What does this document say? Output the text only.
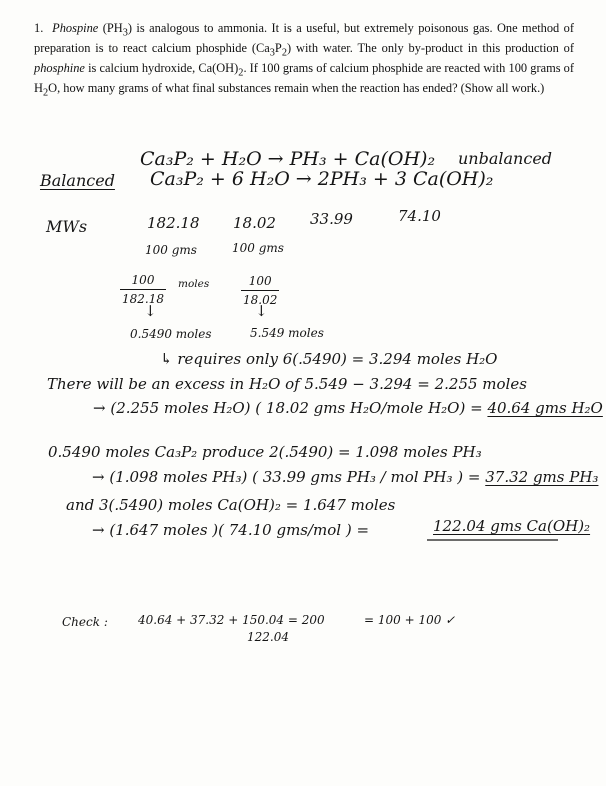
1. Phospine $(PH_3)$ is analogous to ammonia. It is a useful, but extremely poisonous gas. One method of preparation is to react calcium phosphide $(Ca_3P_2)$ with water. The only by-product in this production of phosphine is calcium hydroxide, $Ca(OH)_2$. If 100 grams of calcium phosphide are reacted with 100 grams of $H_2O$, how many grams of what final substances remain when the reaction has ended? (Show all work.)

Ca₃P₂ + H₂O → PH₃ + Ca(OH)₂ unbalanced
Balanced Ca₃P₂ + 6 H₂O → 2PH₃ + 3 Ca(OH)₂
MWs	182.18 18.02 33.99	74.10
100 gms	100 gms
$\frac{100}{182.18}$ moles	$\frac{100}{18.02}$
↓	↓
0.5490 moles	5.549 moles
↳ requires only 6(.5490) = 3.294 moles H₂O
There will be an excess in H₂O of 5.549 − 3.294 = 2.255 moles
→ (2.255 moles H₂O) ( 18.02 gms H₂O/mole H₂O) = 40.64 gms H₂O
0.5490 moles Ca₃P₂ produce 2(.5490) = 1.098 moles PH₃
→ (1.098 moles PH₃) ( 33.99 gms PH₃ / mol PH₃ ) = 37.32 gms PH₃
and 3(.5490) moles Ca(OH)₂ = 1.647 moles
→ (1.647 moles )( 74.10 gms/mol ) =	122.04 gms Ca(OH)₂
Check :	40.64 + 37.32 + 150.04 = 200	= 100 + 100 ✓
122.04
